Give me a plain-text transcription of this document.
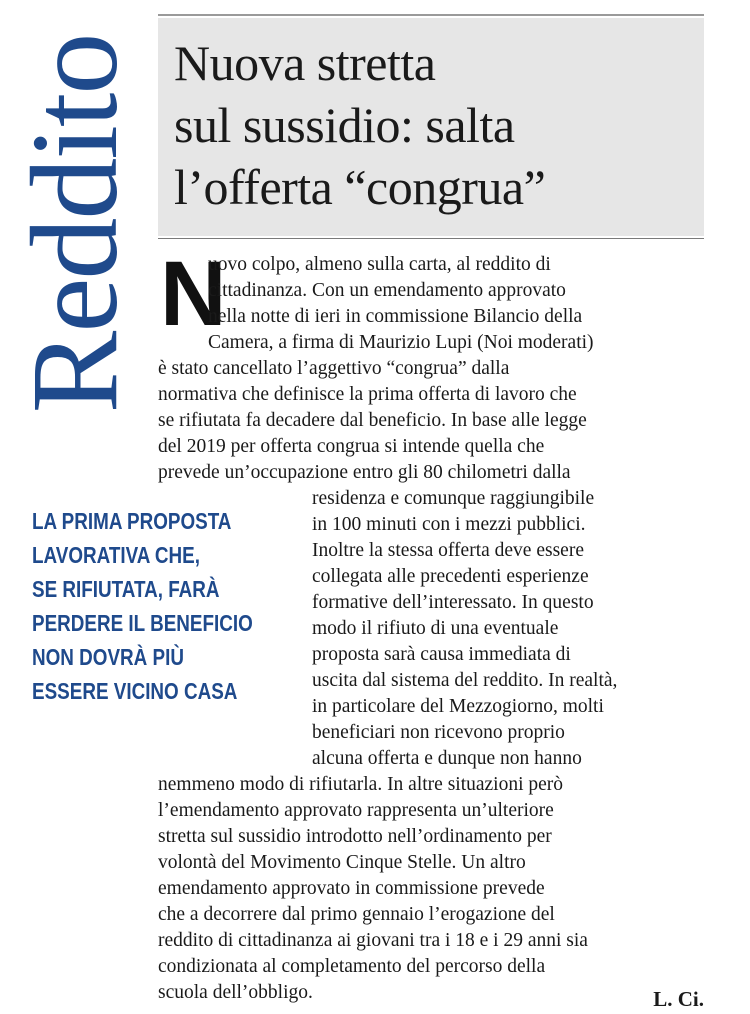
Reddito Nuova stretta
sul sussidio: salta
l’offerta “congrua”
N
uovo colpo, almeno sulla carta, al reddito di
cittadinanza. Con un emendamento approvato
nella notte di ieri in commissione Bilancio della
Camera, a firma di Maurizio Lupi (Noi moderati)
è stato cancellato l’aggettivo “congrua” dalla
normativa che definisce la prima offerta di lavoro che
se rifiutata fa decadere dal beneficio. In base alle legge
del 2019 per offerta congrua si intende quella che
prevede un’occupazione entro gli 80 chilometri dalla
residenza e comunque raggiungibile
in 100 minuti con i mezzi pubblici.
Inoltre la stessa offerta deve essere
collegata alle precedenti esperienze
formative dell’interessato. In questo
modo il rifiuto di una eventuale
proposta sarà causa immediata di
uscita dal sistema del reddito. In realtà,
in particolare del Mezzogiorno, molti
beneficiari non ricevono proprio
alcuna offerta e dunque non hanno
nemmeno modo di rifiutarla. In altre situazioni però
l’emendamento approvato rappresenta un’ulteriore
stretta sul sussidio introdotto nell’ordinamento per
volontà del Movimento Cinque Stelle. Un altro
emendamento approvato in commissione prevede
che a decorrere dal primo gennaio l’erogazione del
reddito di cittadinanza ai giovani tra i 18 e i 29 anni sia
condizionata al completamento del percorso della
scuola dell’obbligo.
LA PRIMA PROPOSTA
LAVORATIVA CHE,
SE RIFIUTATA, FARÀ
PERDERE IL BENEFICIO
NON DOVRÀ PIÙ
ESSERE VICINO CASA
L. Ci.
